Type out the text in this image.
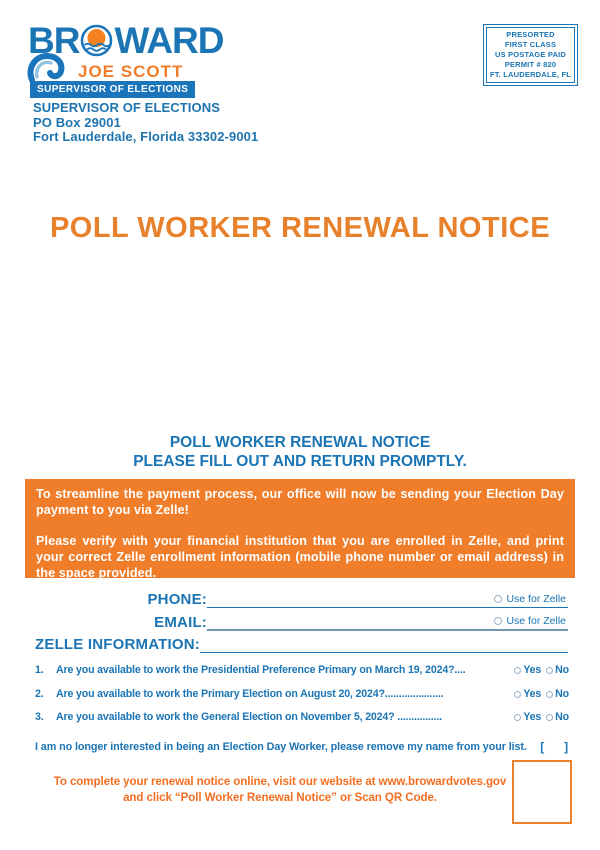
BR WARD
JOE SCOTT
SUPERVISOR OF ELECTIONS
PRESORTED
FIRST CLASS
US POSTAGE PAID
PERMIT # 820
FT. LAUDERDALE, FL
SUPERVISOR OF ELECTIONS
PO Box 29001
Fort Lauderdale, Florida 33302-9001
POLL WORKER RENEWAL NOTICE
POLL WORKER RENEWAL NOTICE
PLEASE FILL OUT AND RETURN PROMPTLY.

To streamline the payment process, our office will now be sending your Election Day payment to you via Zelle!

Please verify with your financial institution that you are enrolled in Zelle, and print your correct Zelle enrollment information (mobile phone number or email address) in the space provided.

PHONE:	Use for Zelle
EMAIL:	Use for Zelle
ZELLE INFORMATION:
1.	Are you available to work the Presidential Preference Primary on March 19, 2024?....	Yes No
2.	Are you available to work the Primary Election on August 20, 2024?.....................	Yes No
3.	Are you available to work the General Election on November 5, 2024? ................	Yes No
I am no longer interested in being an Election Day Worker, please remove my name from your list.	[ ]
To complete your renewal notice online, visit our website at www.browardvotes.gov
and click “Poll Worker Renewal Notice” or Scan QR Code.
